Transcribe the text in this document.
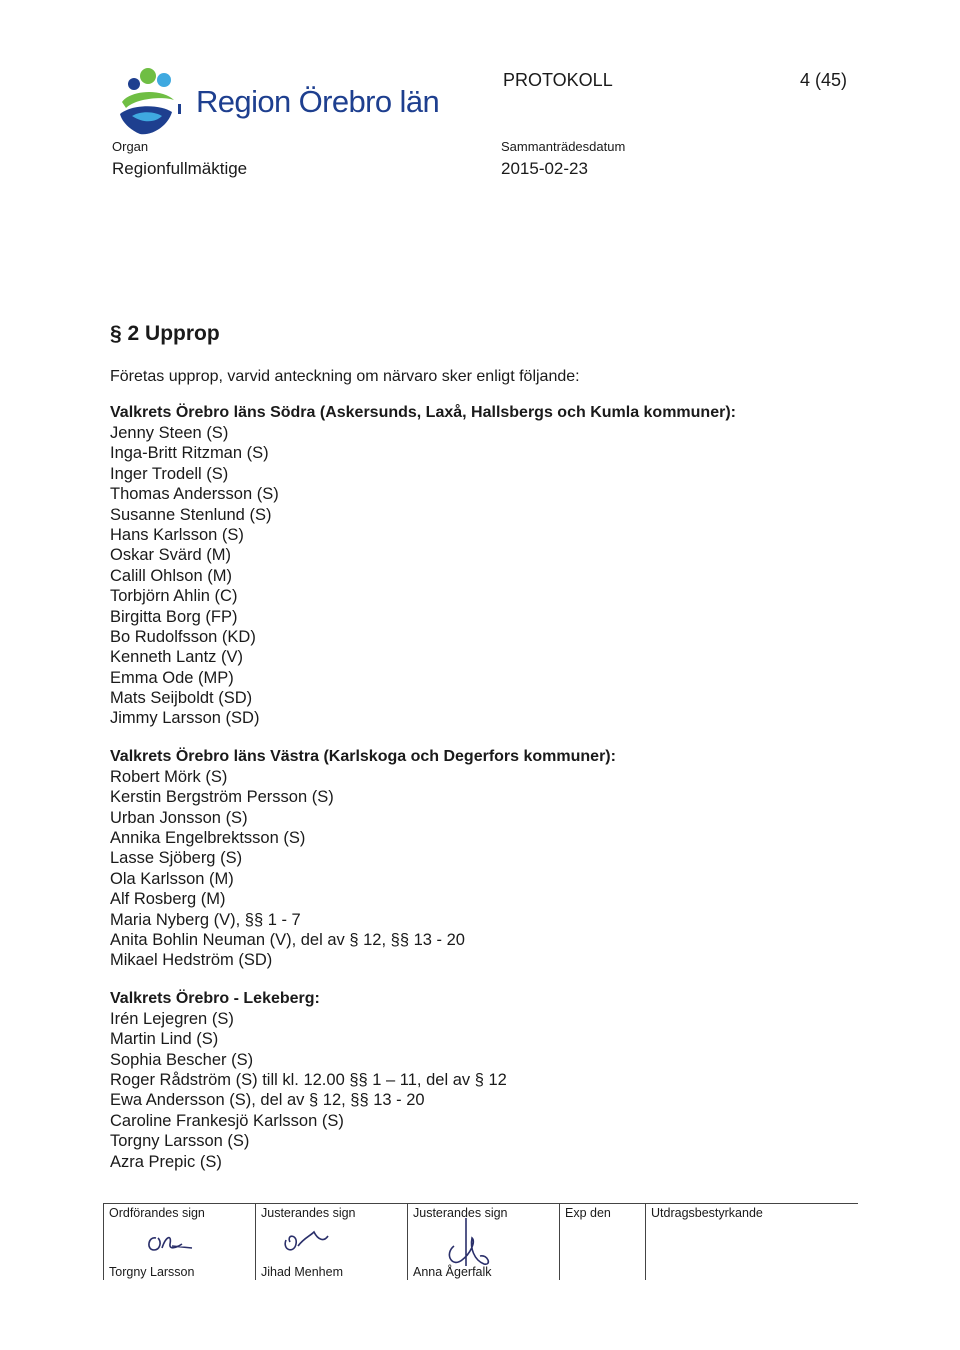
Region Örebro län
PROTOKOLL	4 (45)
Organ
Regionfullmäktige
Sammanträdesdatum
2015-02-23
§ 2 Upprop
Företas upprop, varvid anteckning om närvaro sker enligt följande:
Valkrets Örebro läns Södra (Askersunds, Laxå, Hallsbergs och Kumla kommuner):
Jenny Steen (S)
Inga-Britt Ritzman (S)
Inger Trodell (S)
Thomas Andersson (S)
Susanne Stenlund (S)
Hans Karlsson (S)
Oskar Svärd (M)
Calill Ohlson (M)
Torbjörn Ahlin (C)
Birgitta Borg (FP)
Bo Rudolfsson (KD)
Kenneth Lantz (V)
Emma Ode (MP)
Mats Seijboldt (SD)
Jimmy Larsson (SD)
Valkrets Örebro läns Västra (Karlskoga och Degerfors kommuner):
Robert Mörk (S)
Kerstin Bergström Persson (S)
Urban Jonsson (S)
Annika Engelbrektsson (S)
Lasse Sjöberg (S)
Ola Karlsson (M)
Alf Rosberg (M)
Maria Nyberg (V), §§ 1 - 7
Anita Bohlin Neuman (V), del av § 12, §§ 13 - 20
Mikael Hedström (SD)
Valkrets Örebro - Lekeberg:
Irén Lejegren (S)
Martin Lind (S)
Sophia Bescher (S)
Roger Rådström (S) till kl. 12.00 §§ 1 – 11, del av § 12
Ewa Andersson (S), del av § 12, §§ 13 - 20
Caroline Frankesjö Karlsson (S)
Torgny Larsson (S)
Azra Prepic (S)
Ordförandes sign
Torgny Larsson
Justerandes sign
Jihad Menhem
Justerandes sign
Anna Ågerfalk
Exp den	Utdragsbestyrkande
